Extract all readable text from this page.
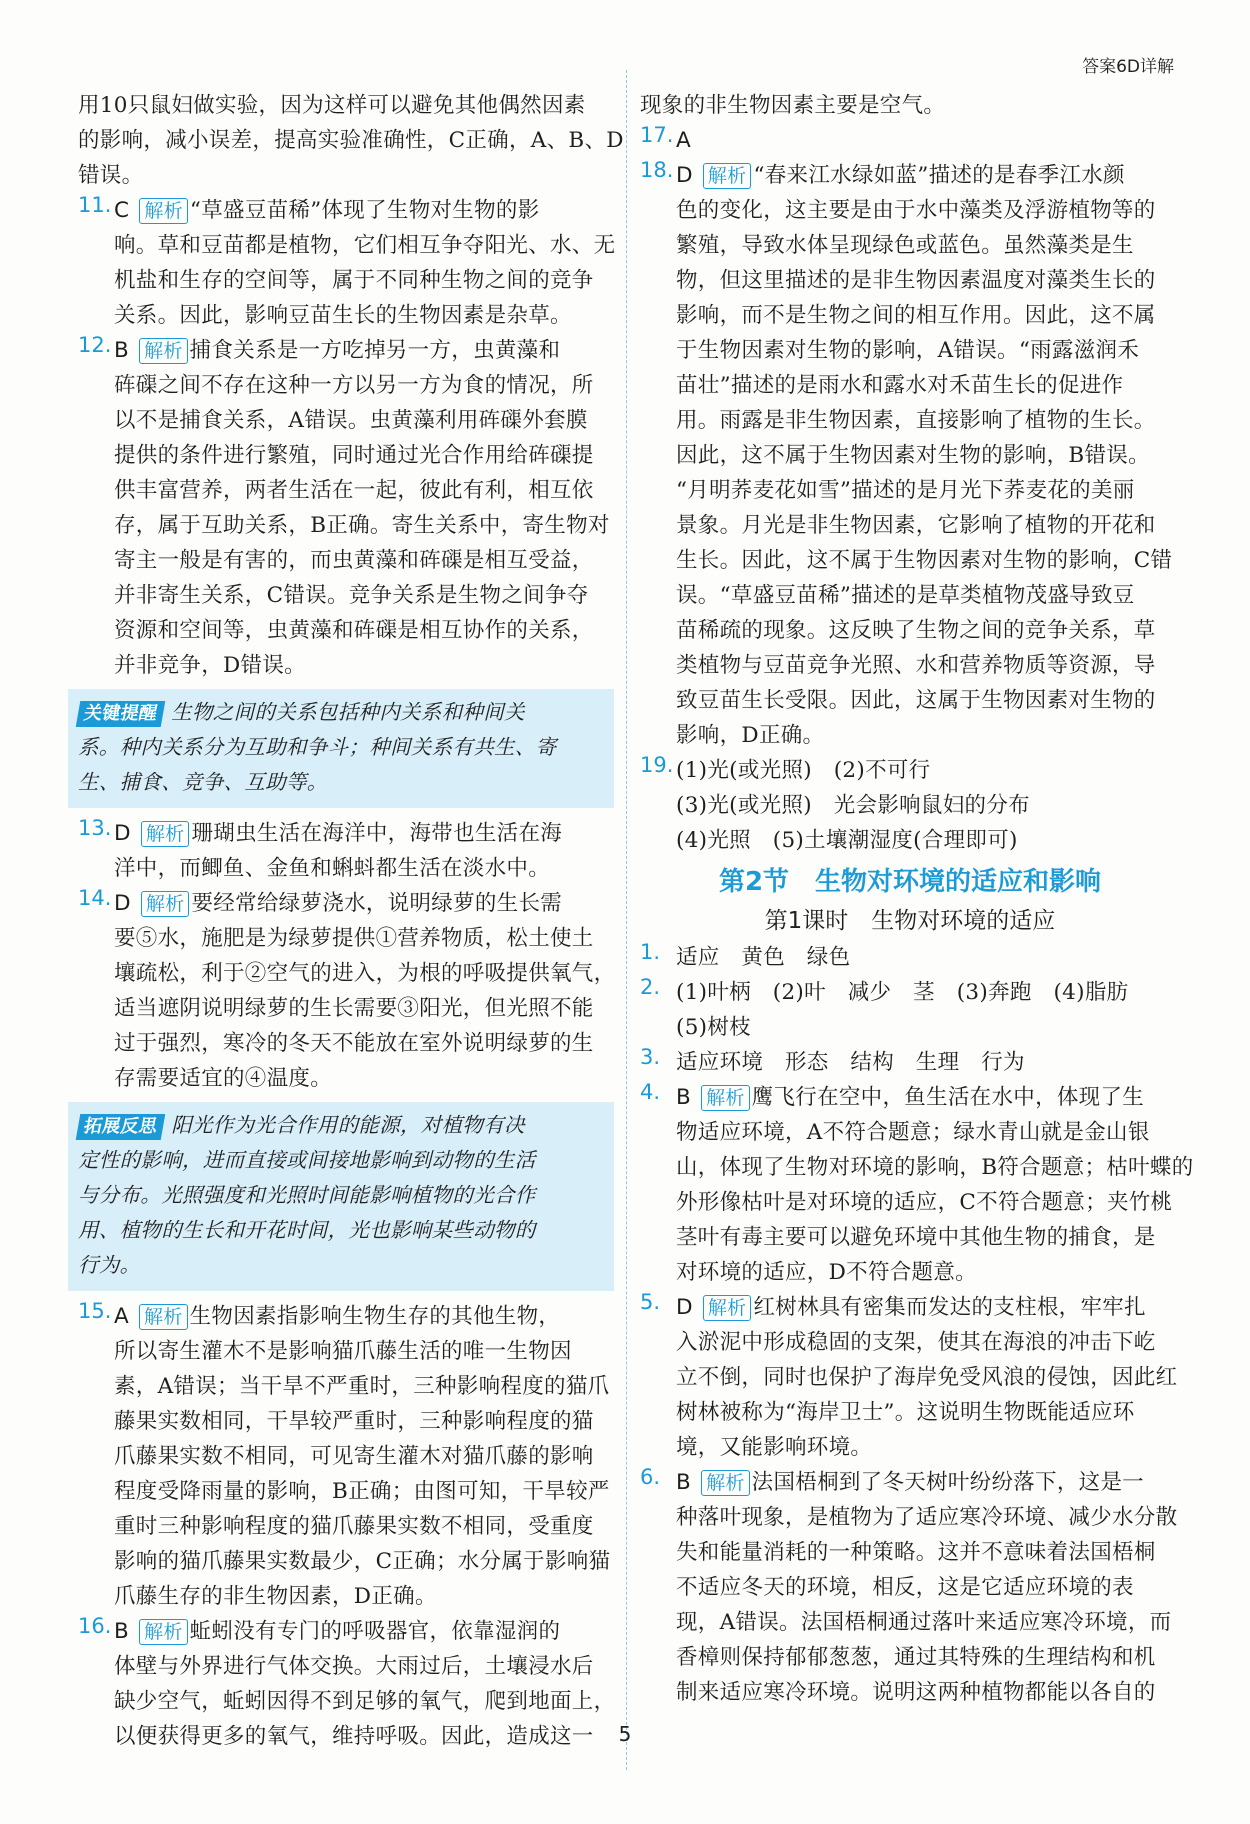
答案6D详解
用10只鼠妇做实验，因为这样可以避免其他偶然因素
的影响，减小误差，提高实验准确性，C正确，A、B、D
错误。
11. C 解析 “草盛豆苗稀”体现了生物对生物的影
响。草和豆苗都是植物，它们相互争夺阳光、水、无
机盐和生存的空间等，属于不同种生物之间的竞争
关系。因此，影响豆苗生长的生物因素是杂草。
12. B 解析 捕食关系是一方吃掉另一方，虫黄藻和
砗磲之间不存在这种一方以另一方为食的情况，所
以不是捕食关系，A错误。虫黄藻利用砗磲外套膜
提供的条件进行繁殖，同时通过光合作用给砗磲提
供丰富营养，两者生活在一起，彼此有利，相互依
存，属于互助关系，B正确。寄生关系中，寄生物对
寄主一般是有害的，而虫黄藻和砗磲是相互受益，
并非寄生关系，C错误。竞争关系是生物之间争夺
资源和空间等，虫黄藻和砗磲是相互协作的关系，
并非竞争，D错误。
关键提醒 生物之间的关系包括种内关系和种间关
系。种内关系分为互助和争斗；种间关系有共生、寄
生、捕食、竞争、互助等。
13. D 解析 珊瑚虫生活在海洋中，海带也生活在海
洋中，而鲫鱼、金鱼和蝌蚪都生活在淡水中。
14. D 解析 要经常给绿萝浇水，说明绿萝的生长需
要⑤水，施肥是为绿萝提供①营养物质，松土使土
壤疏松，利于②空气的进入，为根的呼吸提供氧气，
适当遮阴说明绿萝的生长需要③阳光，但光照不能
过于强烈，寒冷的冬天不能放在室外说明绿萝的生
存需要适宜的④温度。
拓展反思 阳光作为光合作用的能源，对植物有决
定性的影响，进而直接或间接地影响到动物的生活
与分布。光照强度和光照时间能影响植物的光合作
用、植物的生长和开花时间，光也影响某些动物的
行为。
15. A 解析 生物因素指影响生物生存的其他生物，
所以寄生灌木不是影响猫爪藤生活的唯一生物因
素，A错误；当干旱不严重时，三种影响程度的猫爪
藤果实数相同，干旱较严重时，三种影响程度的猫
爪藤果实数不相同，可见寄生灌木对猫爪藤的影响
程度受降雨量的影响，B正确；由图可知，干旱较严
重时三种影响程度的猫爪藤果实数不相同，受重度
影响的猫爪藤果实数最少，C正确；水分属于影响猫
爪藤生存的非生物因素，D正确。
16. B 解析 蚯蚓没有专门的呼吸器官，依靠湿润的
体壁与外界进行气体交换。大雨过后，土壤浸水后
缺少空气，蚯蚓因得不到足够的氧气，爬到地面上，
以便获得更多的氧气，维持呼吸。因此，造成这一
现象的非生物因素主要是空气。
17. A
18. D 解析 “春来江水绿如蓝”描述的是春季江水颜
色的变化，这主要是由于水中藻类及浮游植物等的
繁殖，导致水体呈现绿色或蓝色。虽然藻类是生
物，但这里描述的是非生物因素温度对藻类生长的
影响，而不是生物之间的相互作用。因此，这不属
于生物因素对生物的影响，A错误。“雨露滋润禾
苗壮”描述的是雨水和露水对禾苗生长的促进作
用。雨露是非生物因素，直接影响了植物的生长。
因此，这不属于生物因素对生物的影响，B错误。
“月明荞麦花如雪”描述的是月光下荞麦花的美丽
景象。月光是非生物因素，它影响了植物的开花和
生长。因此，这不属于生物因素对生物的影响，C错
误。“草盛豆苗稀”描述的是草类植物茂盛导致豆
苗稀疏的现象。这反映了生物之间的竞争关系，草
类植物与豆苗竞争光照、水和营养物质等资源，导
致豆苗生长受限。因此，这属于生物因素对生物的
影响，D正确。
19. (1)光(或光照)　(2)不可行
(3)光(或光照)　光会影响鼠妇的分布
(4)光照　(5)土壤潮湿度(合理即可)
第2节　生物对环境的适应和影响
第1课时　生物对环境的适应
1. 适应　黄色　绿色
2. (1)叶柄　(2)叶　减少　茎　(3)奔跑　(4)脂肪
(5)树枝
3. 适应环境　形态　结构　生理　行为
4. B 解析 鹰飞行在空中，鱼生活在水中，体现了生
物适应环境，A不符合题意；绿水青山就是金山银
山，体现了生物对环境的影响，B符合题意；枯叶蝶的
外形像枯叶是对环境的适应，C不符合题意；夹竹桃
茎叶有毒主要可以避免环境中其他生物的捕食，是
对环境的适应，D不符合题意。
5. D 解析 红树林具有密集而发达的支柱根，牢牢扎
入淤泥中形成稳固的支架，使其在海浪的冲击下屹
立不倒，同时也保护了海岸免受风浪的侵蚀，因此红
树林被称为“海岸卫士”。这说明生物既能适应环
境，又能影响环境。
6. B 解析 法国梧桐到了冬天树叶纷纷落下，这是一
种落叶现象，是植物为了适应寒冷环境、减少水分散
失和能量消耗的一种策略。这并不意味着法国梧桐
不适应冬天的环境，相反，这是它适应环境的表
现，A错误。法国梧桐通过落叶来适应寒冷环境，而
香樟则保持郁郁葱葱，通过其特殊的生理结构和机
制来适应寒冷环境。说明这两种植物都能以各自的
5
